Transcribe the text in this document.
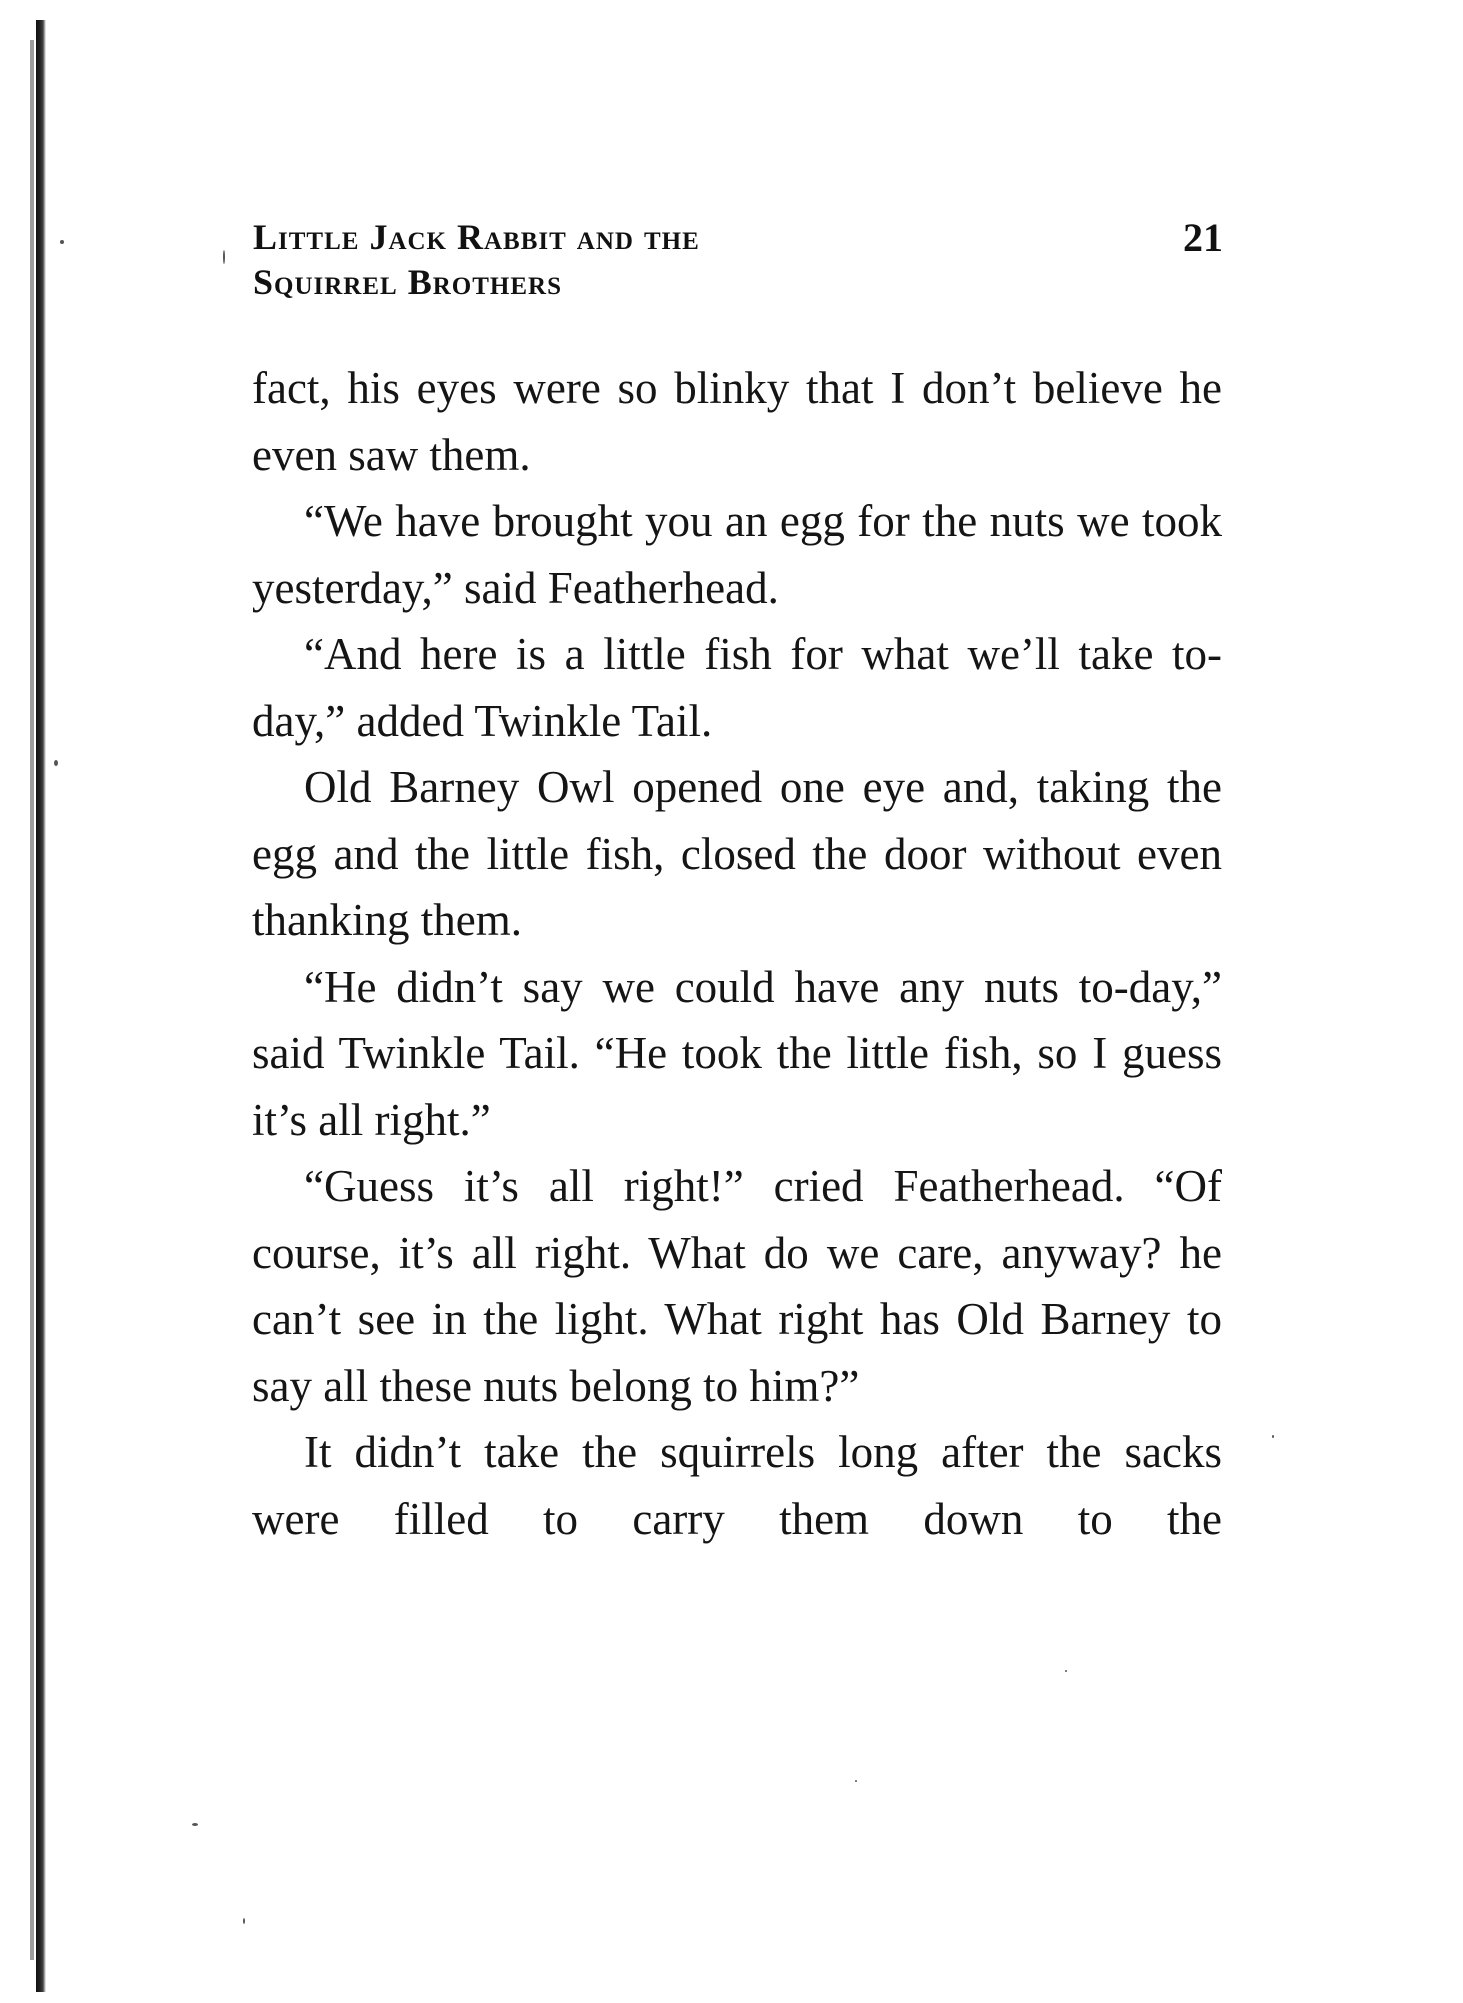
Little Jack Rabbit and the
Squirrel Brothers
21

fact, his eyes were so blinky that I don’t believe he even saw them.

“We have brought you an egg for the nuts we took yesterday,” said Featherhead.

“And here is a little fish for what we’ll take to-day,” added Twinkle Tail.

Old Barney Owl opened one eye and, taking the egg and the little fish, closed the door without even thanking them.

“He didn’t say we could have any nuts to-day,” said Twinkle Tail. “He took the little fish, so I guess it’s all right.”

“Guess it’s all right!” cried Featherhead. “Of course, it’s all right. What do we care, anyway? he can’t see in the light. What right has Old Barney to say all these nuts belong to him?”

It didn’t take the squirrels long after the sacks were filled to carry them down to the
